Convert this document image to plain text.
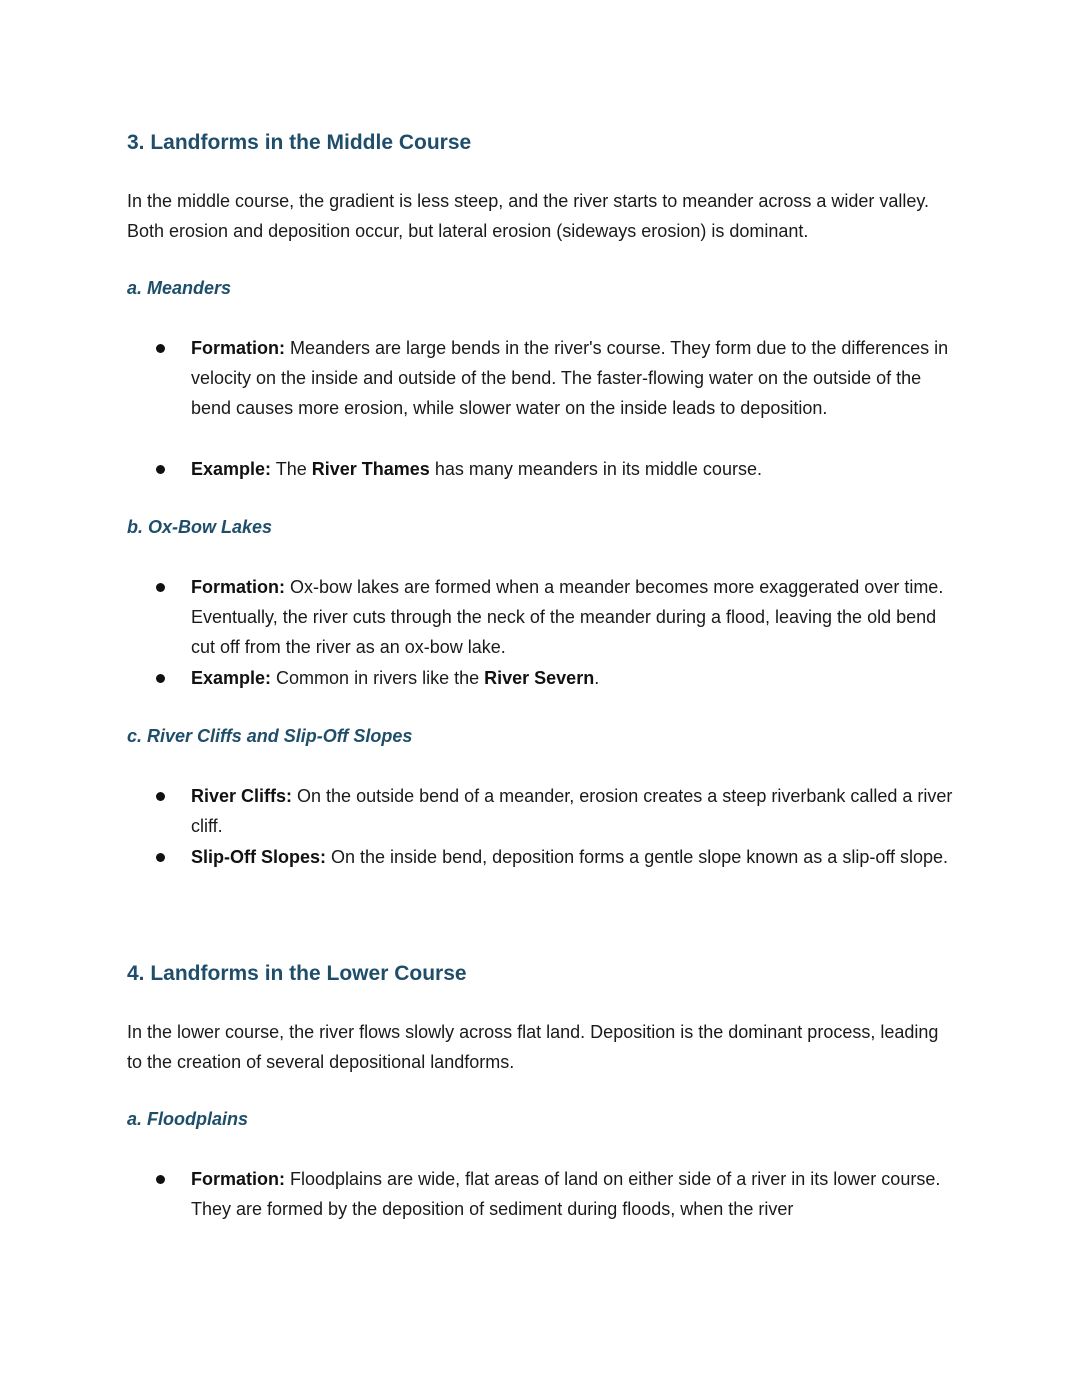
3. Landforms in the Middle Course

In the middle course, the gradient is less steep, and the river starts to meander across a wider valley. Both erosion and deposition occur, but lateral erosion (sideways erosion) is dominant.

a. Meanders

Formation: Meanders are large bends in the river's course. They form due to the differences in velocity on the inside and outside of the bend. The faster-flowing water on the outside of the bend causes more erosion, while slower water on the inside leads to deposition.

Example: The River Thames has many meanders in its middle course.

b. Ox-Bow Lakes

Formation: Ox-bow lakes are formed when a meander becomes more exaggerated over time. Eventually, the river cuts through the neck of the meander during a flood, leaving the old bend cut off from the river as an ox-bow lake.

Example: Common in rivers like the River Severn.

c. River Cliffs and Slip-Off Slopes

River Cliffs: On the outside bend of a meander, erosion creates a steep riverbank called a river cliff.

Slip-Off Slopes: On the inside bend, deposition forms a gentle slope known as a slip-off slope.

4. Landforms in the Lower Course

In the lower course, the river flows slowly across flat land. Deposition is the dominant process, leading to the creation of several depositional landforms.

a. Floodplains

Formation: Floodplains are wide, flat areas of land on either side of a river in its lower course. They are formed by the deposition of sediment during floods, when the river
